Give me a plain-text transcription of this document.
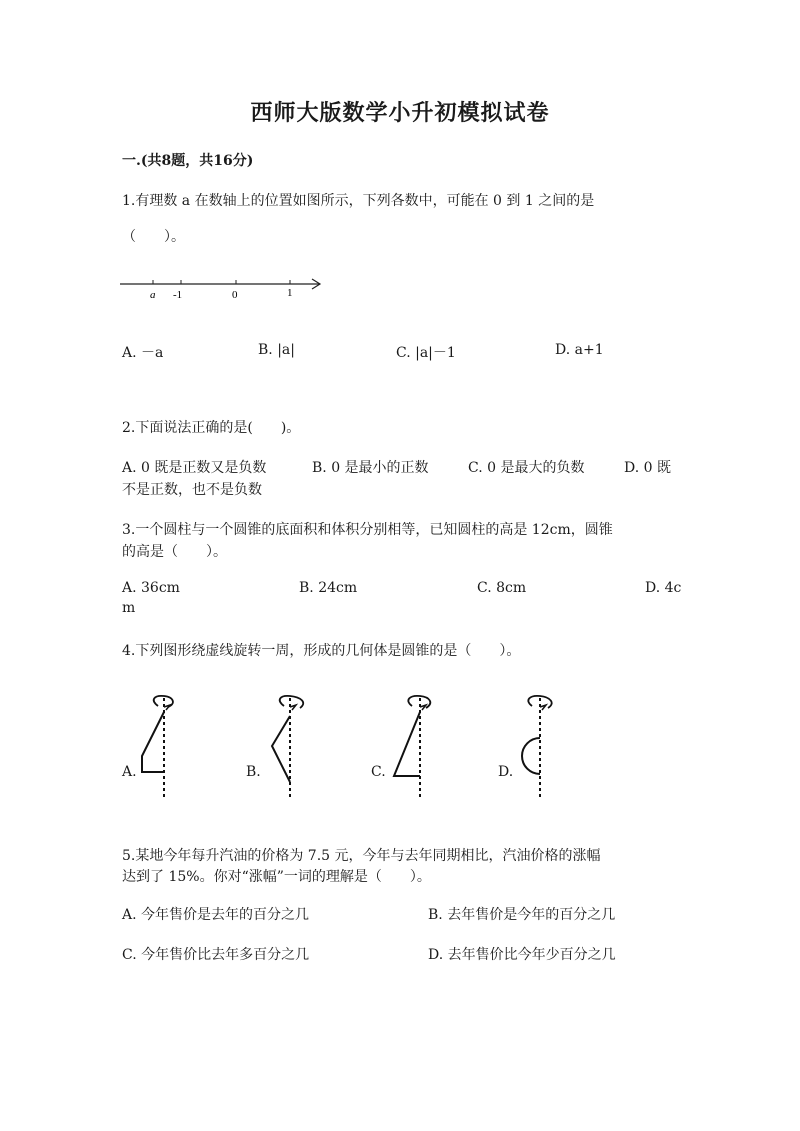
西师大版数学小升初模拟试卷
一.(共8题，共16分)
1.有理数 a 在数轴上的位置如图所示，下列各数中，可能在 0 到 1 之间的是
（　　）。
a -1	0	1
A. －a	B. |a|	C. |a|－1	D. a+1
2.下面说法正确的是(　　)。
A. 0 既是正数又是负数	B. 0 是最小的正数	C. 0 是最大的负数	D. 0 既
不是正数，也不是负数
3.一个圆柱与一个圆锥的底面积和体积分别相等，已知圆柱的高是 12cm，圆锥
的高是（　　）。
A. 36cm	B. 24cm	C. 8cm	D. 4c
m
4.下列图形绕虚线旋转一周，形成的几何体是圆锥的是（　　）。
A.	B.	C.	D.
5.某地今年每升汽油的价格为 7.5 元，今年与去年同期相比，汽油价格的涨幅
达到了 15%。你对“涨幅”一词的理解是（　　）。
A. 今年售价是去年的百分之几	B. 去年售价是今年的百分之几
C. 今年售价比去年多百分之几	D. 去年售价比今年少百分之几
